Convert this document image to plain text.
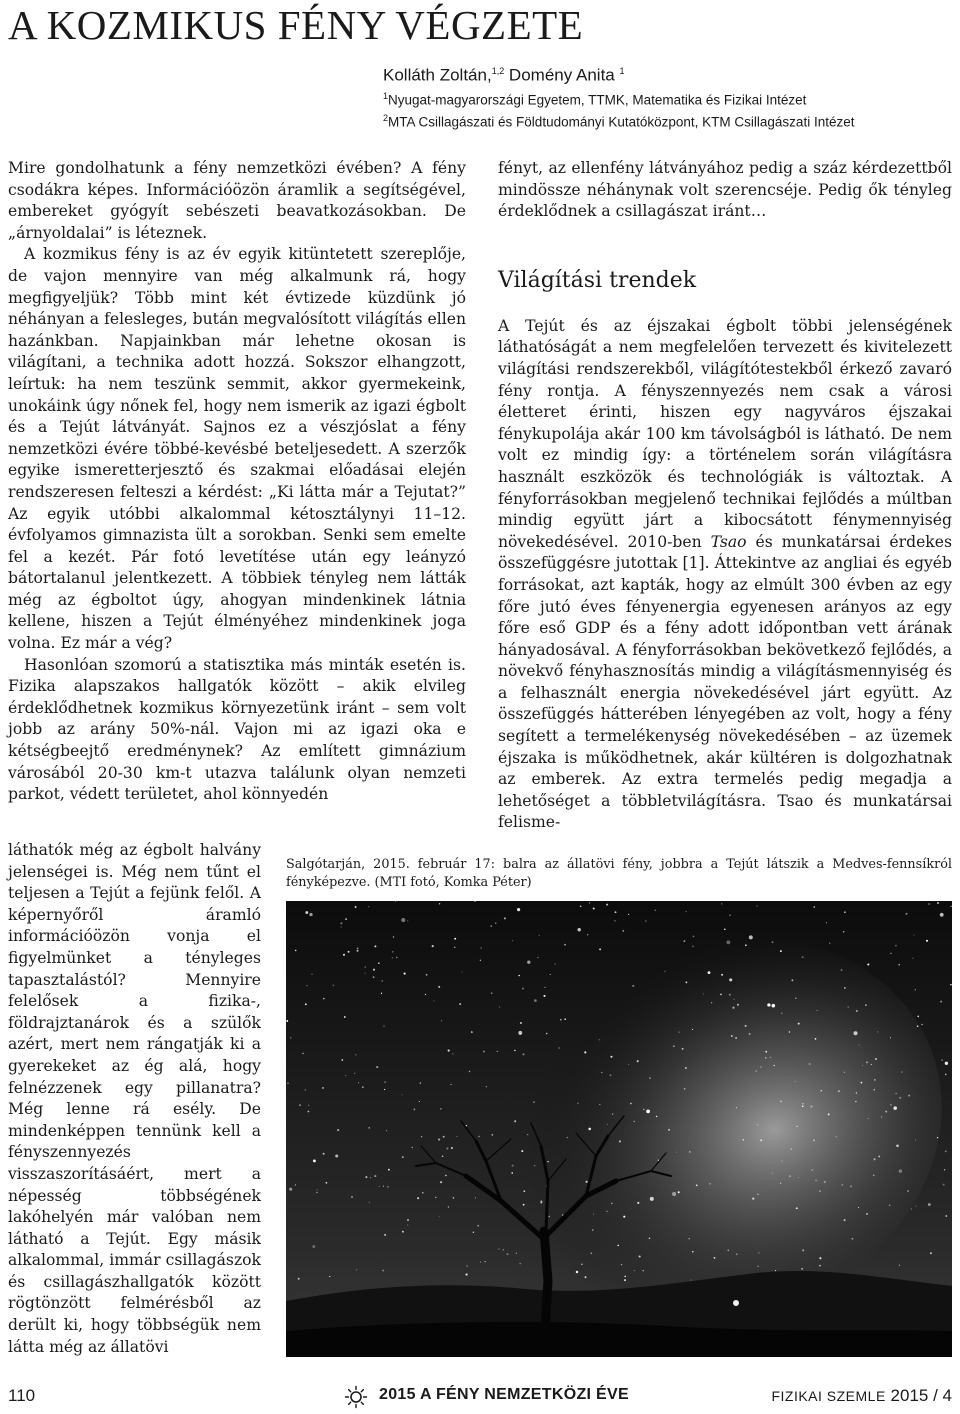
A KOZMIKUS FÉNY VÉGZETE
Kolláth Zoltán,$^{1,2}$ Domény Anita $^1$
$^1$Nyugat-magyarországi Egyetem, TTMK, Matematika és Fizikai Intézet
$^2$MTA Csillagászati és Földtudományi Kutatóközpont, KTM Csillagászati Intézet

Mire gondolhatunk a fény nemzetközi évében? A fény csodákra képes. Információözön áramlik a segítségével, embereket gyógyít sebészeti beavatkozásokban. De „árnyoldalai” is léteznek.

A kozmikus fény is az év egyik kitüntetett szereplője, de vajon mennyire van még alkalmunk rá, hogy megfigyeljük? Több mint két évtizede küzdünk jó néhányan a felesleges, bután megvalósított világítás ellen hazánkban. Napjainkban már lehetne okosan is világítani, a technika adott hozzá. Sokszor elhangzott, leírtuk: ha nem teszünk semmit, akkor gyermekeink, unokáink úgy nőnek fel, hogy nem ismerik az igazi égbolt és a Tejút látványát. Sajnos ez a vészjóslat a fény nemzetközi évére többé-kevésbé beteljesedett. A szerzők egyike ismeretterjesztő és szakmai előadásai elején rendszeresen felteszi a kérdést: „Ki látta már a Tejutat?” Az egyik utóbbi alkalommal kétosztálynyi 11–12. évfolyamos gimnazista ült a sorokban. Senki sem emelte fel a kezét. Pár fotó levetítése után egy leányzó bátortalanul jelentkezett. A többiek tényleg nem látták még az égboltot úgy, ahogyan mindenkinek látnia kellene, hiszen a Tejút élményéhez mindenkinek joga volna. Ez már a vég?

Hasonlóan szomorú a statisztika más minták esetén is. Fizika alapszakos hallgatók között – akik elvileg érdeklődhetnek kozmikus környezetünk iránt – sem volt jobb az arány 50%-nál. Vajon mi az igazi oka e kétségbeejtő eredménynek? Az említett gimnázium városából 20-30 km-t utazva találunk olyan nemzeti parkot, védett területet, ahol könnyedén

láthatók még az égbolt halvány jelenségei is. Még nem tűnt el teljesen a Tejút a fejünk felől. A képernyőről áramló információözön vonja el figyelmünket a tényleges tapasztalástól? Mennyire felelősek a fizika-, földrajztanárok és a szülők azért, mert nem rángatják ki a gyerekeket az ég alá, hogy felnézzenek egy pillanatra? Még lenne rá esély. De mindenképpen tennünk kell a fényszennyezés visszaszorításáért, mert a népesség többségének lakóhelyén már valóban nem látható a Tejút. Egy másik alkalommal, immár csillagászok és csillagászhallgatók között rögtönzött felmérésből az derült ki, hogy többségük nem látta még az állatövi

fényt, az ellenfény látványához pedig a száz kérdezettből mindössze néhánynak volt szerencséje. Pedig ők tényleg érdeklődnek a csillagászat iránt…

Világítási trendek

A Tejút és az éjszakai égbolt többi jelenségének láthatóságát a nem megfelelően tervezett és kivitelezett világítási rendszerekből, világítótestekből érkező zavaró fény rontja. A fényszennyezés nem csak a városi életteret érinti, hiszen egy nagyváros éjszakai fénykupolája akár 100 km távolságból is látható. De nem volt ez mindig így: a történelem során világításra használt eszközök és technológiák is változtak. A fényforrásokban megjelenő technikai fejlődés a múltban mindig együtt járt a kibocsátott fénymennyiség növekedésével. 2010-ben Tsao és munkatársai érdekes összefüggésre jutottak [1]. Áttekintve az angliai és egyéb forrásokat, azt kapták, hogy az elmúlt 300 évben az egy főre jutó éves fényenergia egyenesen arányos az egy főre eső GDP és a fény adott időpontban vett árának hányadosával. A fényforrásokban bekövetkező fejlődés, a növekvő fényhasznosítás mindig a világításmennyiség és a felhasznált energia növekedésével járt együtt. Az összefüggés hátterében lényegében az volt, hogy a fény segített a termelékenység növekedésében – az üzemek éjszaka is működhetnek, akár kültéren is dolgozhatnak az emberek. Az extra termelés pedig megadja a lehetőséget a többletvilágításra. Tsao és munkatársai felisme-

Salgótarján, 2015. február 17: balra az állatövi fény, jobbra a Tejút látszik a Medves-fennsíkról fényképezve. (MTI fotó, Komka Péter)
110	2015 A FÉNY NEMZETKÖZI ÉVE	FIZIKAI SZEMLE 2015 / 4
